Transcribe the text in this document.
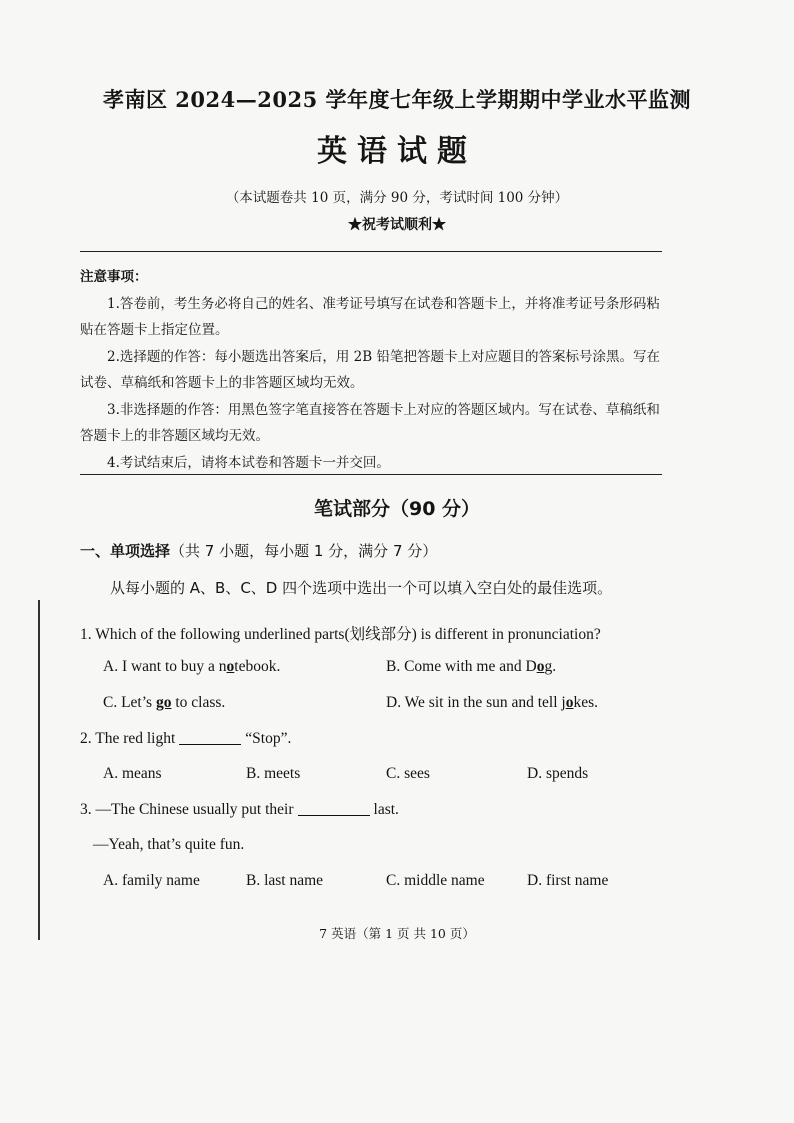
孝南区 2024—2025 学年度七年级上学期期中学业水平监测
英语试题
（本试题卷共 10 页，满分 90 分，考试时间 100 分钟）
★祝考试顺利★
注意事项：

1.答卷前，考生务必将自己的姓名、准考证号填写在试卷和答题卡上，并将准考证号条形码粘贴在答题卡上指定位置。

2.选择题的作答：每小题选出答案后，用 2B 铅笔把答题卡上对应题目的答案标号涂黑。写在试卷、草稿纸和答题卡上的非答题区域均无效。

3.非选择题的作答：用黑色签字笔直接答在答题卡上对应的答题区域内。写在试卷、草稿纸和答题卡上的非答题区域均无效。

4.考试结束后，请将本试卷和答题卡一并交回。

笔试部分（90 分）
一、单项选择（共 7 小题，每小题 1 分，满分 7 分）
从每小题的 A、B、C、D 四个选项中选出一个可以填入空白处的最佳选项。
1. Which of the following underlined parts(划线部分) is different in pronunciation?
A. I want to buy a notebook.	B. Come with me and Dog.
C. Let’s go to class.	D. We sit in the sun and tell jokes.
2. The red light	“Stop”.
A. means	B. meets	C. sees	D. spends
3. —The Chinese usually put their	last.
—Yeah, that’s quite fun.
A. family name	B. last name	C. middle name	D. first name
7 英语（第 1 页 共 10 页）
